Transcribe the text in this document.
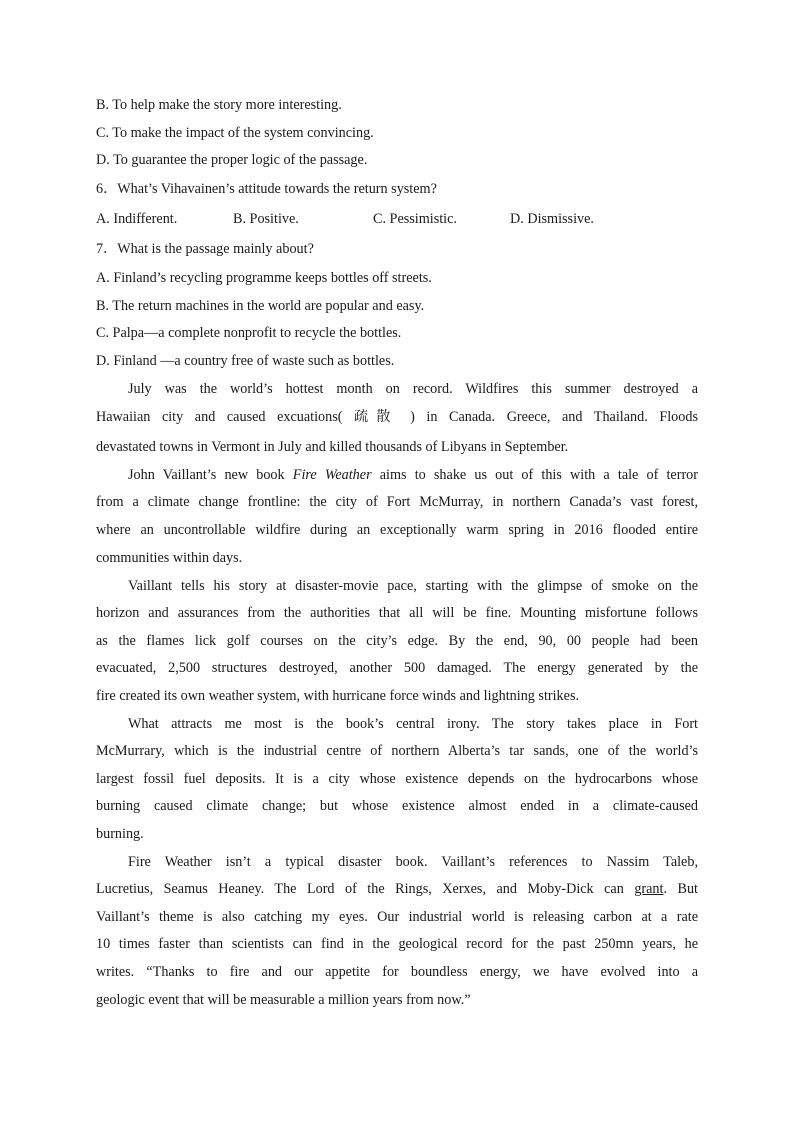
B. To help make the story more interesting.
C. To make the impact of the system convincing.
D. To guarantee the proper logic of the passage.
6．What’s Vihavainen’s attitude towards the return system?
A. Indifferent.	B. Positive.	C. Pessimistic.	D. Dismissive.
7．What is the passage mainly about?
A. Finland’s recycling programme keeps bottles off streets.
B. The return machines in the world are popular and easy.
C. Palpa—a complete nonprofit to recycle the bottles.
D. Finland —a country free of waste such as bottles.
July was the world’s hottest month on record. Wildfires this summer destroyed a
Hawaiian city and caused excuations( 疏散 ) in Canada. Greece, and Thailand. Floods
devastated towns in Vermont in July and killed thousands of Libyans in September.
John Vaillant’s new book Fire Weather aims to shake us out of this with a tale of terror
from a climate change frontline: the city of Fort McMurray, in northern Canada’s vast forest,
where an uncontrollable wildfire during an exceptionally warm spring in 2016 flooded entire
communities within days.
Vaillant tells his story at disaster-movie pace, starting with the glimpse of smoke on the
horizon and assurances from the authorities that all will be fine. Mounting misfortune follows
as the flames lick golf courses on the city’s edge. By the end, 90, 00 people had been
evacuated, 2,500 structures destroyed, another 500 damaged. The energy generated by the
fire created its own weather system, with hurricane force winds and lightning strikes.
What attracts me most is the book’s central irony. The story takes place in Fort
McMurrary, which is the industrial centre of northern Alberta’s tar sands, one of the world’s
largest fossil fuel deposits. It is a city whose existence depends on the hydrocarbons whose
burning caused climate change; but whose existence almost ended in a climate-caused
burning.
Fire Weather isn’t a typical disaster book. Vaillant’s references to Nassim Taleb,
Lucretius, Seamus Heaney. The Lord of the Rings, Xerxes, and Moby-Dick can grant. But
Vaillant’s theme is also catching my eyes. Our industrial world is releasing carbon at a rate
10 times faster than scientists can find in the geological record for the past 250mn years, he
writes. “Thanks to fire and our appetite for boundless energy, we have evolved into a
geologic event that will be measurable a million years from now.”
